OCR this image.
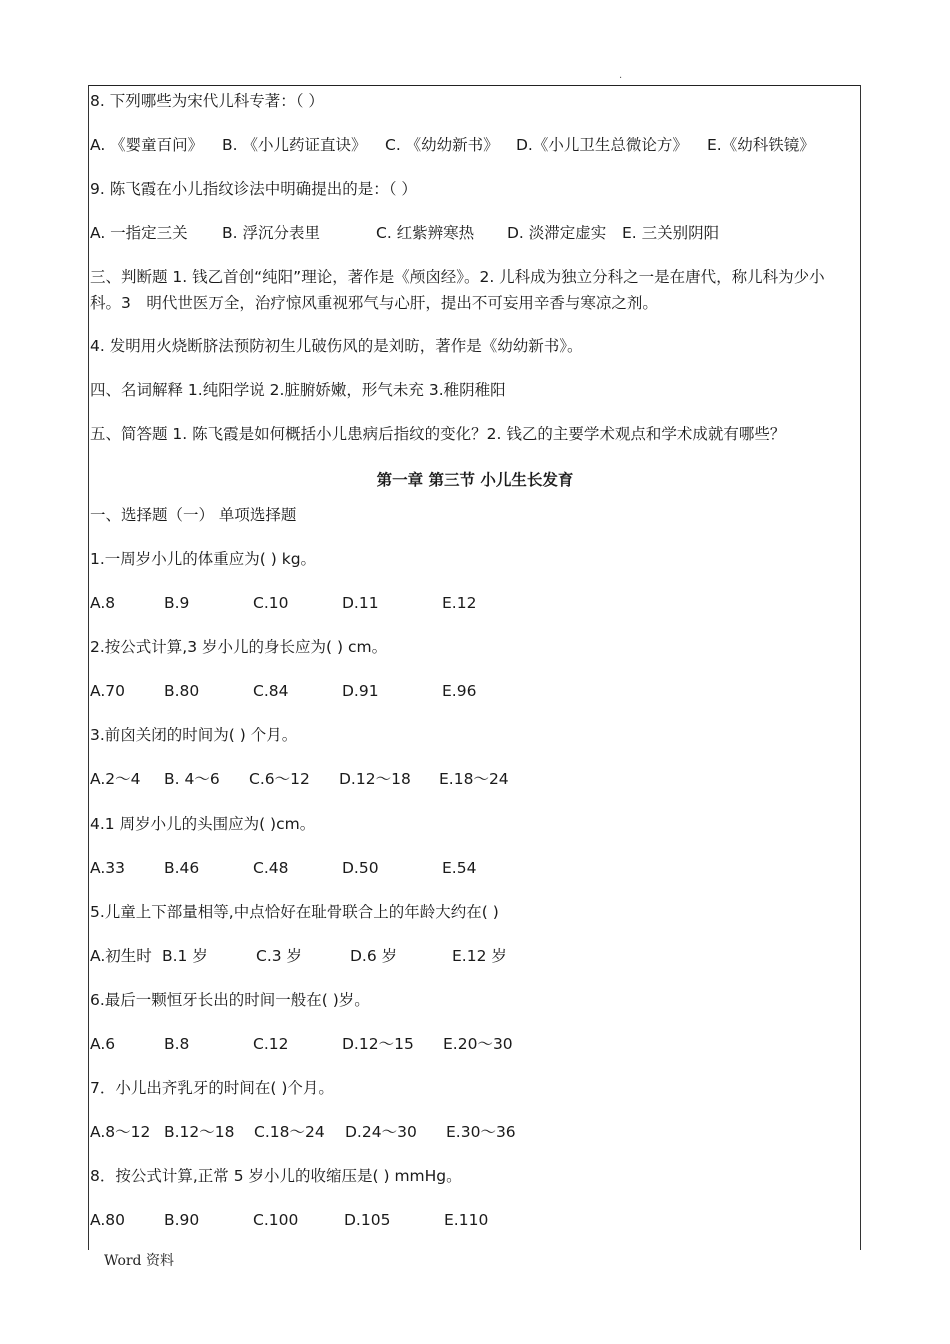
.
8. 下列哪些为宋代儿科专著：（ ）
A. 《婴童百问》 B. 《小儿药证直诀》 C. 《幼幼新书》 D.《小儿卫生总微论方》 E.《幼科铁镜》
9. 陈飞霞在小儿指纹诊法中明确提出的是：（ ）
A. 一指定三关 B. 浮沉分表里	C. 红紫辨寒热 D. 淡滞定虚实 E. 三关别阴阳
三、判断题 1. 钱乙首创“纯阳”理论，著作是《颅囟经》。2. 儿科成为独立分科之一是在唐代，称儿科为少小科。3　明代世医万全，治疗惊风重视邪气与心肝，提出不可妄用辛香与寒凉之剂。
4. 发明用火烧断脐法预防初生儿破伤风的是刘昉，著作是《幼幼新书》。
四、名词解释 1.纯阳学说 2.脏腑娇嫩，形气未充 3.稚阴稚阳
五、简答题 1. 陈飞霞是如何概括小儿患病后指纹的变化？2. 钱乙的主要学术观点和学术成就有哪些？
第一章 第三节 小儿生长发育
一、选择题（一） 单项选择题
1.一周岁小儿的体重应为( ) kg。
A.8	B.9	C.10	D.11	E.12
2.按公式计算,3 岁小儿的身长应为( ) cm。
A.70	B.80	C.84	D.91	E.96
3.前囟关闭的时间为( ) 个月。
A.2～4 B. 4～6 C.6～12 D.12～18 E.18～24
4.1 周岁小儿的头围应为( )cm。
A.33	B.46	C.48	D.50	E.54
5.儿童上下部量相等,中点恰好在耻骨联合上的年龄大约在( )
A.初生时 B.1 岁	C.3 岁	D.6 岁	E.12 岁
6.最后一颗恒牙长出的时间一般在( )岁。
A.6	B.8	C.12	D.12～15 E.20～30
7．小儿出齐乳牙的时间在( )个月。
A.8～12 B.12～18 C.18～24 D.24～30 E.30～36
8．按公式计算,正常 5 岁小儿的收缩压是( ) mmHg。
A.80	B.90	C.100	D.105	E.110
Word 资料
